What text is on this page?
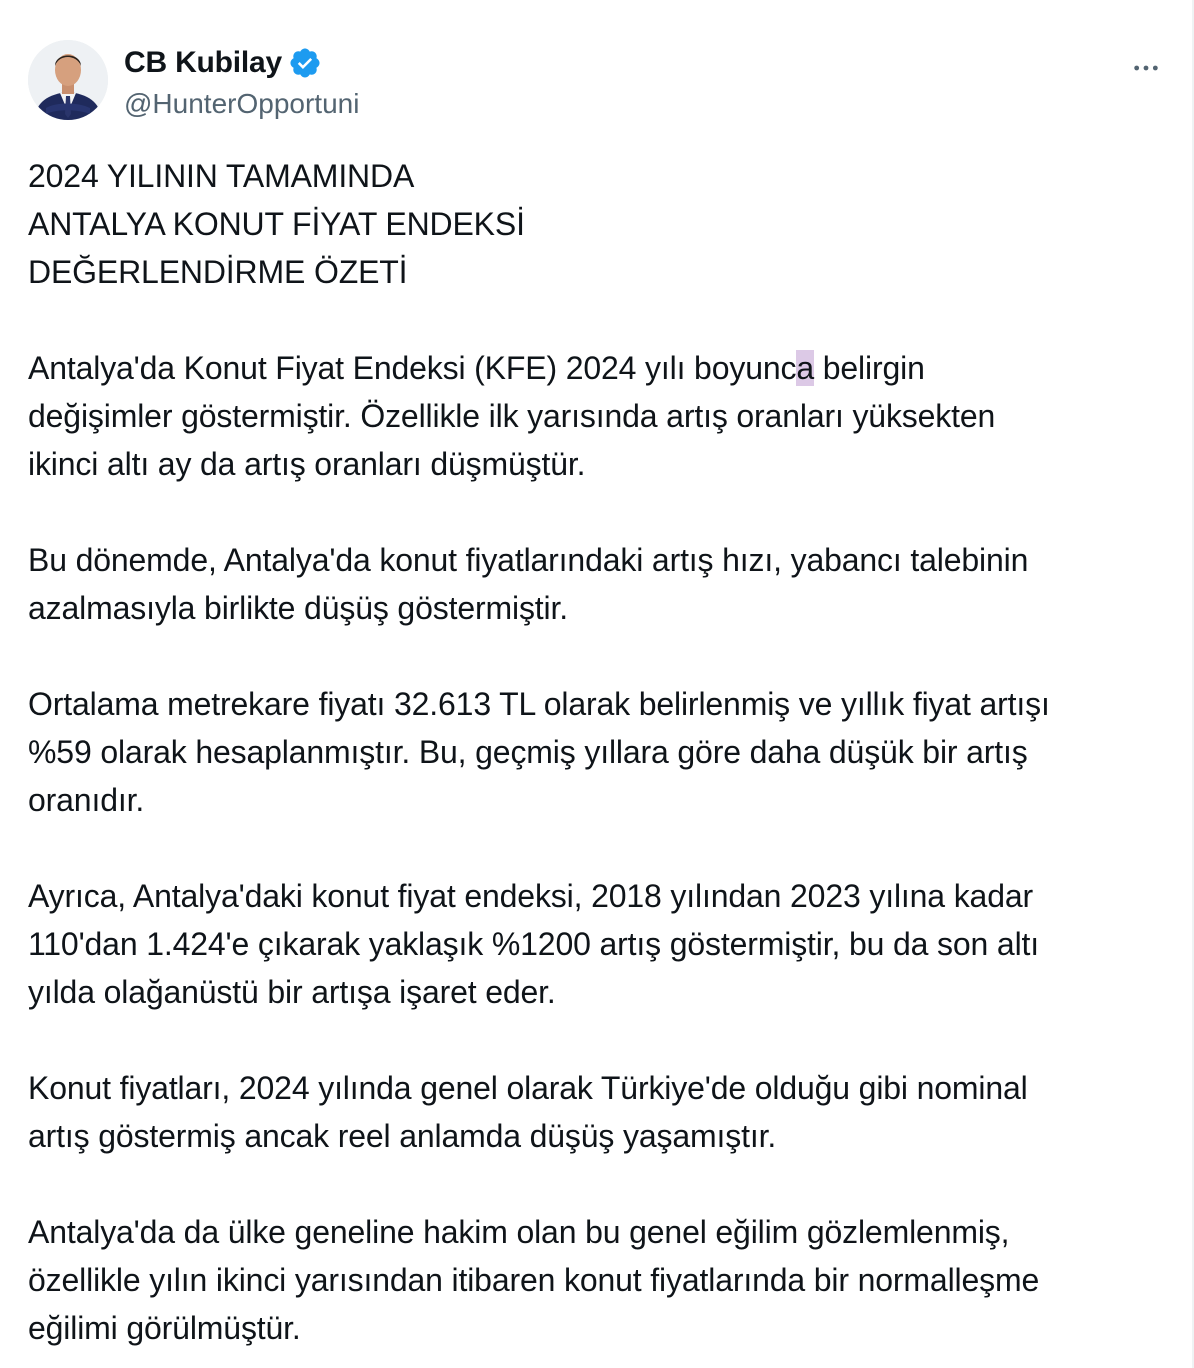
CB Kubilay
@HunterOpportuni

2024 YILININ TAMAMINDA

ANTALYA KONUT FİYAT ENDEKSİ

DEĞERLENDİRME ÖZETİ

Antalya'da Konut Fiyat Endeksi (KFE) 2024 yılı boyunca belirgin

değişimler göstermiştir. Özellikle ilk yarısında artış oranları yüksekten

ikinci altı ay da artış oranları düşmüştür.

Bu dönemde, Antalya'da konut fiyatlarındaki artış hızı, yabancı talebinin

azalmasıyla birlikte düşüş göstermiştir.

Ortalama metrekare fiyatı 32.613 TL olarak belirlenmiş ve yıllık fiyat artışı

%59 olarak hesaplanmıştır. Bu, geçmiş yıllara göre daha düşük bir artış

oranıdır.

Ayrıca, Antalya'daki konut fiyat endeksi, 2018 yılından 2023 yılına kadar

110'dan 1.424'e çıkarak yaklaşık %1200 artış göstermiştir, bu da son altı

yılda olağanüstü bir artışa işaret eder.

Konut fiyatları, 2024 yılında genel olarak Türkiye'de olduğu gibi nominal

artış göstermiş ancak reel anlamda düşüş yaşamıştır.

Antalya'da da ülke geneline hakim olan bu genel eğilim gözlemlenmiş,

özellikle yılın ikinci yarısından itibaren konut fiyatlarında bir normalleşme

eğilimi görülmüştür.
